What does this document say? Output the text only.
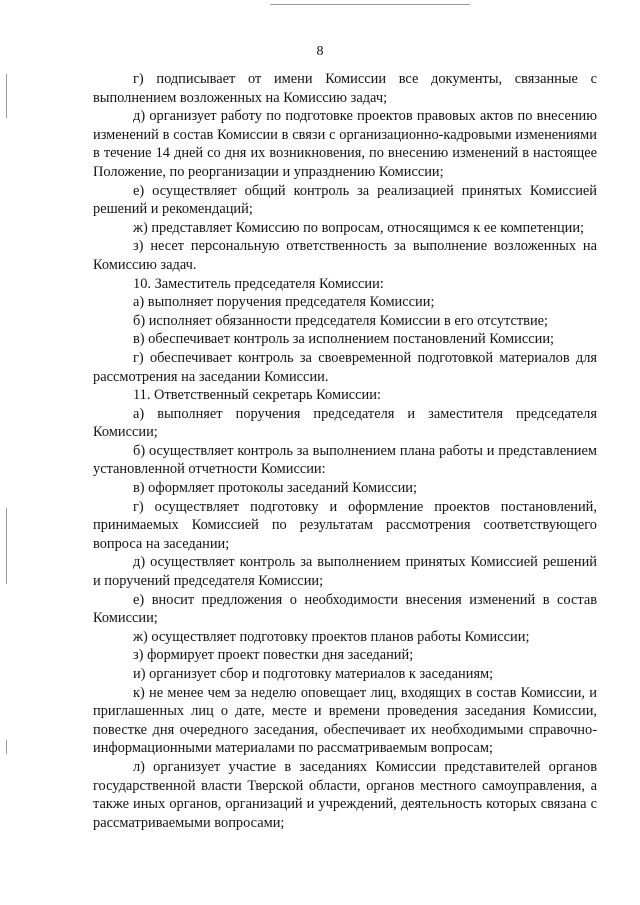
8

г) подписывает от имени Комиссии все документы, связанные с выполнением возложенных на Комиссию задач;

д) организует работу по подготовке проектов правовых актов по внесению изменений в состав Комиссии в связи с организационно-кадровыми изменениями в течение 14 дней со дня их возникновения, по внесению изменений в настоящее Положение, по реорганизации и упразднению Комиссии;

е) осуществляет общий контроль за реализацией принятых Комиссией решений и рекомендаций;

ж) представляет Комиссию по вопросам, относящимся к ее компетенции;

з) несет персональную ответственность за выполнение возложенных на Комиссию задач.

10. Заместитель председателя Комиссии:

а) выполняет поручения председателя Комиссии;

б) исполняет обязанности председателя Комиссии в его отсутствие;

в) обеспечивает контроль за исполнением постановлений Комиссии;

г) обеспечивает контроль за своевременной подготовкой материалов для рассмотрения на заседании Комиссии.

11. Ответственный секретарь Комиссии:

а) выполняет поручения председателя и заместителя председателя Комиссии;

б) осуществляет контроль за выполнением плана работы и представлением установленной отчетности Комиссии:

в) оформляет протоколы заседаний Комиссии;

г) осуществляет подготовку и оформление проектов постановлений, принимаемых Комиссией по результатам рассмотрения соответствующего вопроса на заседании;

д) осуществляет контроль за выполнением принятых Комиссией решений и поручений председателя Комиссии;

е) вносит предложения о необходимости внесения изменений в состав Комиссии;

ж) осуществляет подготовку проектов планов работы Комиссии;

з) формирует проект повестки дня заседаний;

и) организует сбор и подготовку материалов к заседаниям;

к) не менее чем за неделю оповещает лиц, входящих в состав Комиссии, и приглашенных лиц о дате, месте и времени проведения заседания Комиссии, повестке дня очередного заседания, обеспечивает их необходимыми справочно-информационными материалами по рассматриваемым вопросам;

л) организует участие в заседаниях Комиссии представителей органов государственной власти Тверской области, органов местного самоуправления, а также иных органов, организаций и учреждений, деятельность которых связана с рассматриваемыми вопросами;
